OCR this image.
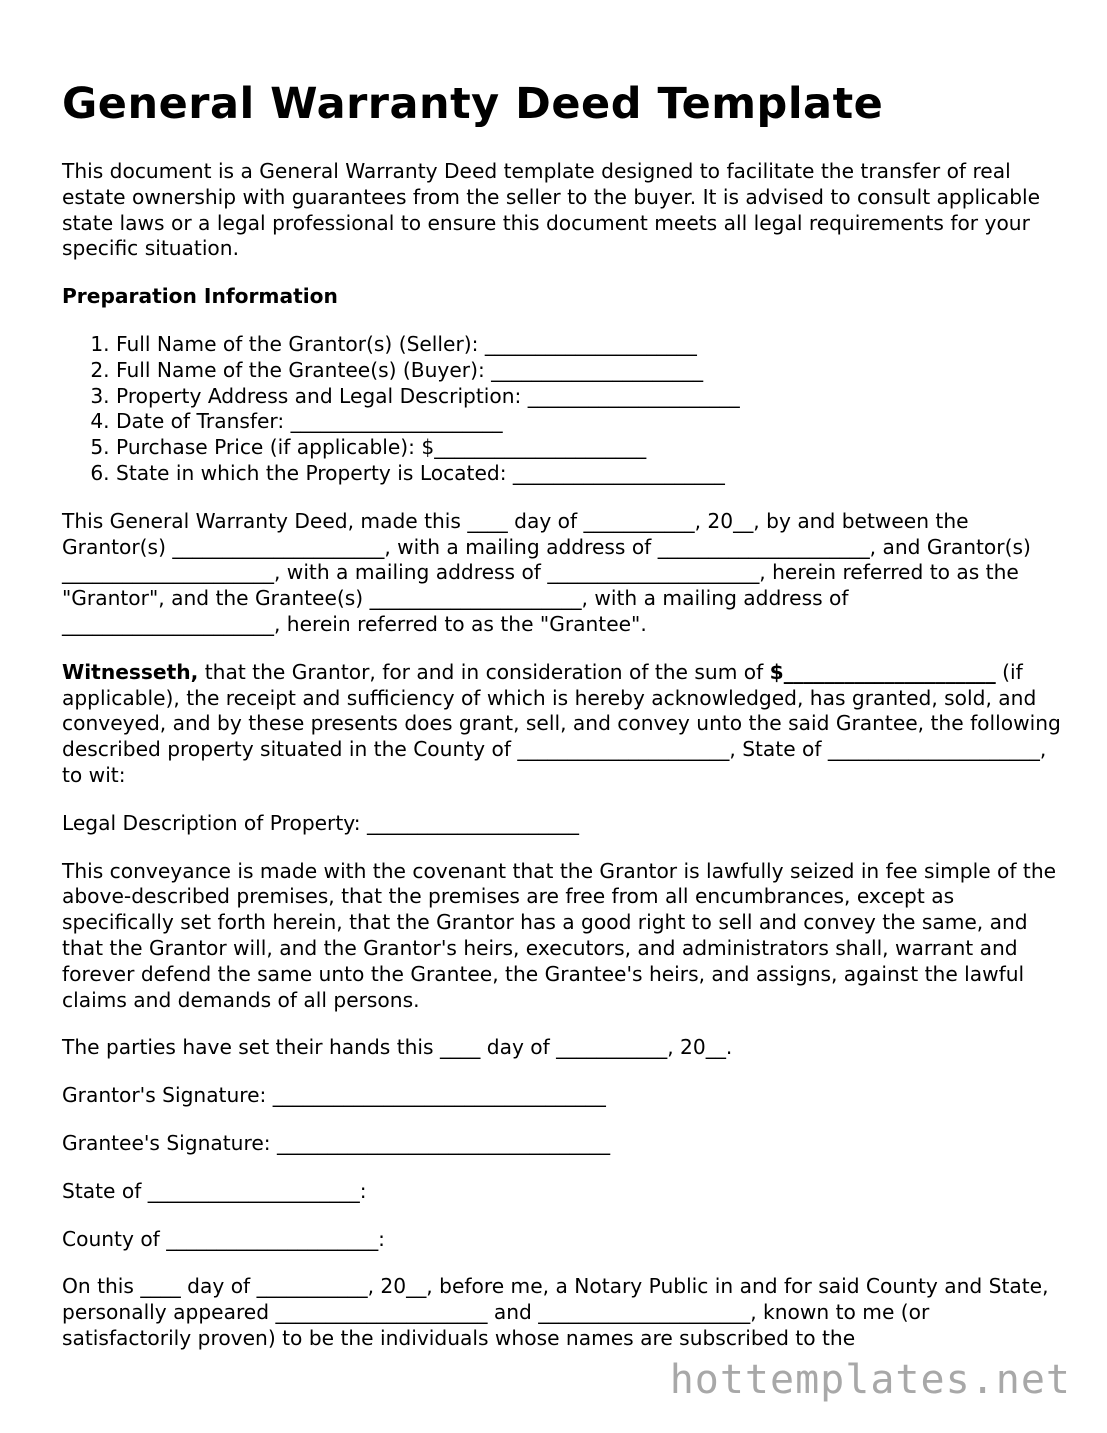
General Warranty Deed Template

This document is a General Warranty Deed template designed to facilitate the transfer of real estate ownership with guarantees from the seller to the buyer. It is advised to consult applicable state laws or a legal professional to ensure this document meets all legal requirements for your specific situation.

Preparation Information
1. Full Name of the Grantor(s) (Seller): _____________________
2. Full Name of the Grantee(s) (Buyer): _____________________
3. Property Address and Legal Description: _____________________
4. Date of Transfer: _____________________
5. Purchase Price (if applicable): $_____________________
6. State in which the Property is Located: _____________________

This General Warranty Deed, made this ____ day of ___________, 20__, by and between the Grantor(s) _____________________, with a mailing address of _____________________, and Grantor(s) _____________________, with a mailing address of _____________________, herein referred to as the "Grantor", and the Grantee(s) _____________________, with a mailing address of _____________________, herein referred to as the "Grantee".

Witnesseth, that the Grantor, for and in consideration of the sum of $_____________________ (if applicable), the receipt and sufficiency of which is hereby acknowledged, has granted, sold, and conveyed, and by these presents does grant, sell, and convey unto the said Grantee, the following described property situated in the County of _____________________, State of _____________________, to wit:

Legal Description of Property: _____________________

This conveyance is made with the covenant that the Grantor is lawfully seized in fee simple of the above-described premises, that the premises are free from all encumbrances, except as specifically set forth herein, that the Grantor has a good right to sell and convey the same, and that the Grantor will, and the Grantor's heirs, executors, and administrators shall, warrant and forever defend the same unto the Grantee, the Grantee's heirs, and assigns, against the lawful claims and demands of all persons.

The parties have set their hands this ____ day of ___________, 20__.

Grantor's Signature: _________________________________

Grantee's Signature: _________________________________

State of _____________________:

County of _____________________:

On this ____ day of ___________, 20__, before me, a Notary Public in and for said County and State, personally appeared _____________________ and _____________________, known to me (or satisfactorily proven) to be the individuals whose names are subscribed to the

hottemplates.net
